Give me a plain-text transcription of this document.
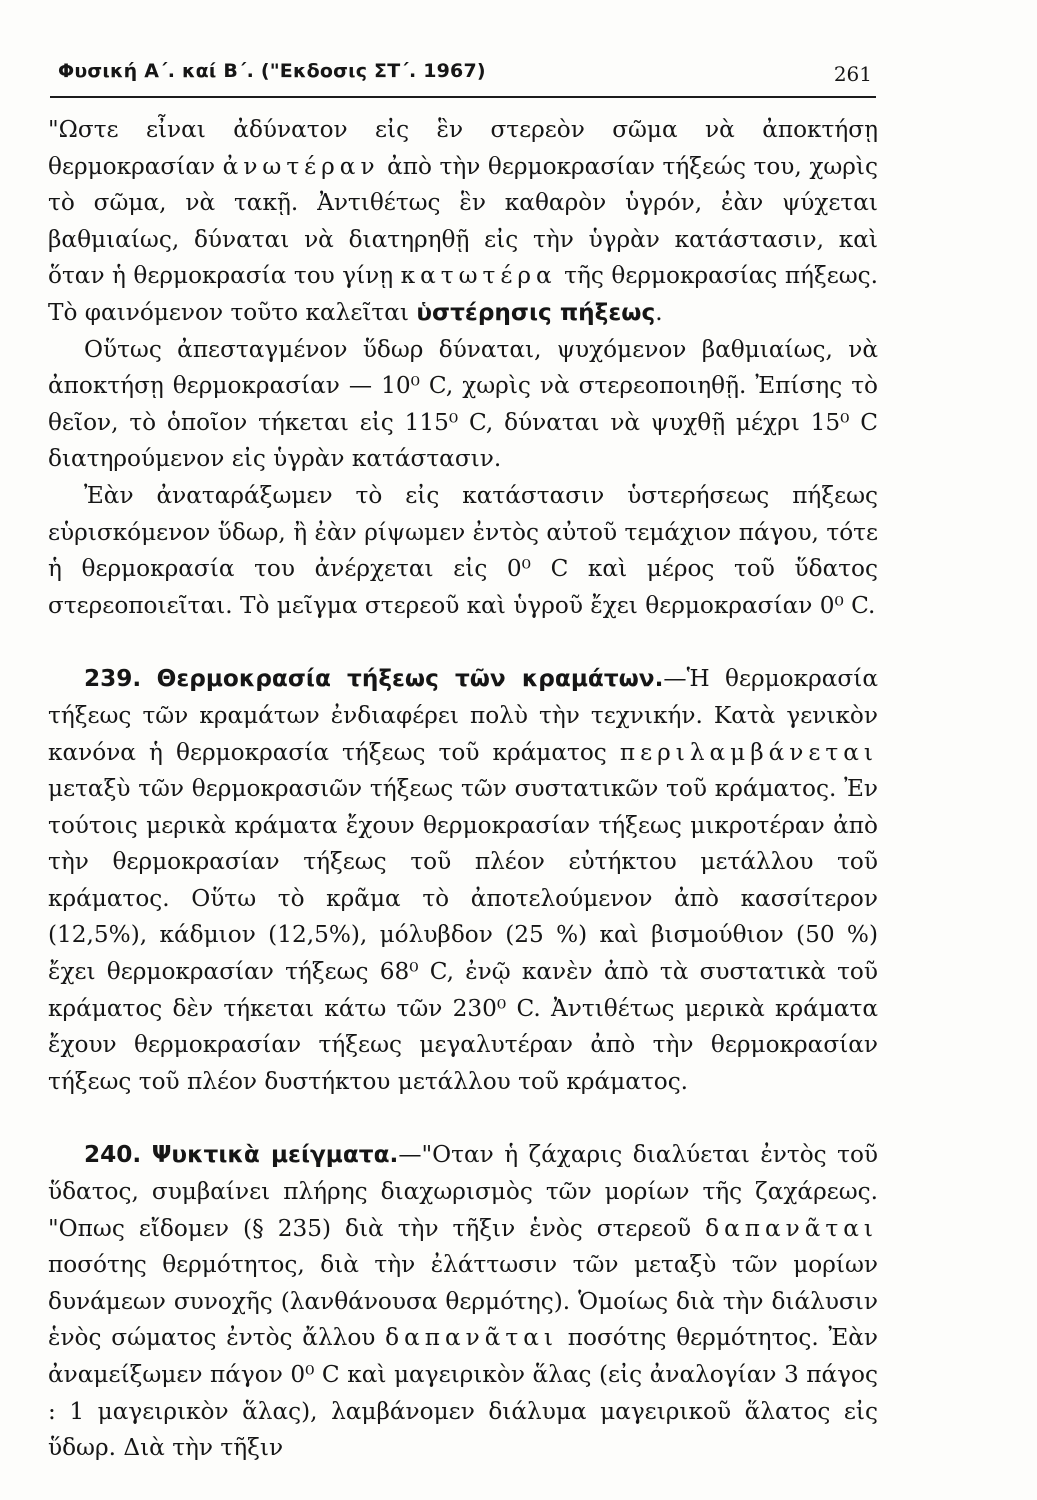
Φυσική Α΄. καί Β΄. ("Εκδοσις ΣΤ΄. 1967)	261

"Ωστε εἶναι ἀδύνατον εἰς ἓν στερεὸν σῶμα νὰ ἀποκτήσῃ θερμοκρασίαν ἀνωτέραν ἀπὸ τὴν θερμοκρασίαν τήξεώς του, χωρὶς τὸ σῶμα, νὰ τακῇ. Ἀντιθέτως ἓν καθαρὸν ὑγρόν, ἐὰν ψύχεται βαθμιαίως, δύναται νὰ διατηρηθῇ εἰς τὴν ὑγρὰν κατάστασιν, καὶ ὅταν ἡ θερμοκρασία του γίνῃ κατωτέρα τῆς θερμοκρασίας πήξεως. Τὸ φαινόμενον τοῦτο καλεῖται ὑστέρησις πήξεως.

Οὕτως ἀπεσταγμένον ὕδωρ δύναται, ψυχόμενον βαθμιαίως, νὰ ἀποκτήσῃ θερμοκρασίαν — 10⁰ C, χωρὶς νὰ στερεοποιηθῇ. Ἐπίσης τὸ θεῖον, τὸ ὁποῖον τήκεται εἰς 115⁰ C, δύναται νὰ ψυχθῇ μέχρι 15⁰ C διατηρούμενον εἰς ὑγρὰν κατάστασιν.

Ἐὰν ἀναταράξωμεν τὸ εἰς κατάστασιν ὑστερήσεως πήξεως εὑρισκόμενον ὕδωρ, ἢ ἐὰν ρίψωμεν ἐντὸς αὐτοῦ τεμάχιον πάγου, τότε ἡ θερμοκρασία του ἀνέρχεται εἰς 0⁰ C καὶ μέρος τοῦ ὕδατος στερεοποιεῖται. Τὸ μεῖγμα στερεοῦ καὶ ὑγροῦ ἔχει θερμοκρασίαν 0⁰ C.

239. Θερμοκρασία τήξεως τῶν κραμάτων.—Ἡ θερμοκρασία τήξεως τῶν κραμάτων ἐνδιαφέρει πολὺ τὴν τεχνικήν. Κατὰ γενικὸν κανόνα ἡ θερμοκρασία τήξεως τοῦ κράματος περιλαμβάνεται μεταξὺ τῶν θερμοκρασιῶν τήξεως τῶν συστατικῶν τοῦ κράματος. Ἐν τούτοις μερικὰ κράματα ἔχουν θερμοκρασίαν τήξεως μικροτέραν ἀπὸ τὴν θερμοκρασίαν τήξεως τοῦ πλέον εὐτήκτου μετάλλου τοῦ κράματος. Οὕτω τὸ κρᾶμα τὸ ἀποτελούμενον ἀπὸ κασσίτερον (12,5%), κάδμιον (12,5%), μόλυβδον (25 %) καὶ βισμούθιον (50 %) ἔχει θερμοκρασίαν τήξεως 68⁰ C, ἐνῷ κανὲν ἀπὸ τὰ συστατικὰ τοῦ κράματος δὲν τήκεται κάτω τῶν 230⁰ C. Ἀντιθέτως μερικὰ κράματα ἔχουν θερμοκρασίαν τήξεως μεγαλυτέραν ἀπὸ τὴν θερμοκρασίαν τήξεως τοῦ πλέον δυστήκτου μετάλλου τοῦ κράματος.

240. Ψυκτικὰ μείγματα.—"Οταν ἡ ζάχαρις διαλύεται ἐντὸς τοῦ ὕδατος, συμβαίνει πλήρης διαχωρισμὸς τῶν μορίων τῆς ζαχάρεως. "Οπως εἴδομεν (§ 235) διὰ τὴν τῆξιν ἑνὸς στερεοῦ δαπανᾶται ποσότης θερμότητος, διὰ τὴν ἐλάττωσιν τῶν μεταξὺ τῶν μορίων δυνάμεων συνοχῆς (λανθάνουσα θερμότης). Ὁμοίως διὰ τὴν διάλυσιν ἑνὸς σώματος ἐντὸς ἄλλου δαπανᾶται ποσότης θερμότητος. Ἐὰν ἀναμείξωμεν πάγον 0⁰ C καὶ μαγειρικὸν ἅλας (εἰς ἀναλογίαν 3 πάγος : 1 μαγειρικὸν ἅλας), λαμβάνομεν διάλυμα μαγειρικοῦ ἅλατος εἰς ὕδωρ. Διὰ τὴν τῆξιν
